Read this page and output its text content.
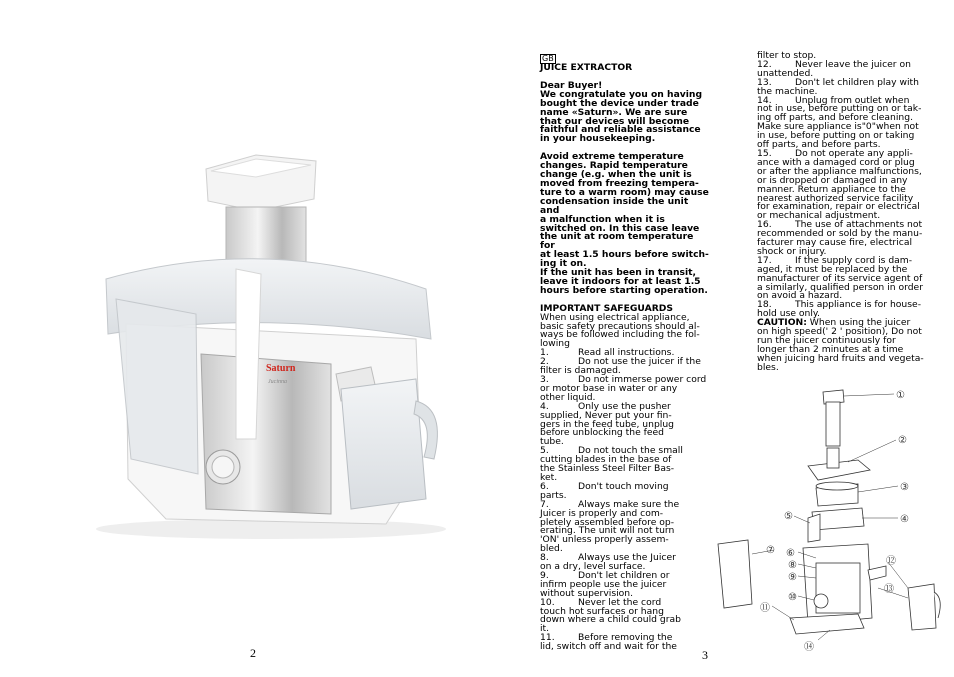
Saturn
Jucinna
2

GB

JUICE EXTRACTOR

Dear Buyer!
We congratulate you on having
bought the device under trade
name «Saturn». We are sure
that our devices will become
faithful and reliable assistance
in your housekeeping.

Avoid extreme temperature
changes. Rapid temperature
change (e.g. when the unit is
moved from freezing tempera-
ture to a warm room) may cause
condensation inside the unit and
a malfunction when it is
switched on. In this case leave
the unit at room temperature for
at least 1.5 hours before switch-
ing it on.
If the unit has been in transit,
leave it indoors for at least 1.5
hours before starting operation.

IMPORTANT SAFEGUARDS

When using electrical appliance,
basic safety precautions should al-
ways be followed including the fol-
lowing

1.	Read all instructions.

2.	Do not use the juicer if the
filter is damaged.

3.	Do not immerse power cord
or motor base in water or any
other liquid.

4.	Only use the pusher
supplied, Never put your fin-
gers in the feed tube, unplug
before unblocking the feed
tube.

5.	Do not touch the small
cutting blades in the base of
the Stainless Steel Filter Bas-
ket.

6.	Don't touch moving
parts.

7.	Always make sure the
Juicer is properly and com-
pletely assembled before op-
erating. The unit will not turn
'ON' unless properly assem-
bled.

8.	Always use the Juicer
on a dry, level surface.

9.	Don't let children or
infirm people use the juicer
without supervision.

10.	Never let the cord
touch hot surfaces or hang
down where a child could grab
it.

11.	Before removing the
lid, switch off and wait for the

3

filter to stop.

12.	Never leave the juicer on
unattended.

13.	Don't let children play with
the machine.

14.	Unplug from outlet when
not in use, before putting on or tak-
ing off parts, and before cleaning.
Make sure appliance is"0"when not
in use, before putting on or taking
off parts, and before parts.

15.	Do not operate any appli-
ance with a damaged cord or plug
or after the appliance malfunctions,
or is dropped or damaged in any
manner. Return appliance to the
nearest authorized service facility
for examination, repair or electrical
or mechanical adjustment.

16.	The use of attachments not
recommended or sold by the manu-
facturer may cause fire, electrical
shock or injury.

17.	If the supply cord is dam-
aged, it must be replaced by the
manufacturer of its service agent of
a similarly, qualified person in order
on avoid a hazard.

18.	This appliance is for house-
hold use only.

CAUTION: When using the juicer
on high speed(' 2 ' position), Do not
run the juicer continuously for
longer than 2 minutes at a time
when juicing hard fruits and vegeta-
bles.

①
②
③
④
⑤
⑥
⑦
⑧
⑨
⑩
⑪
⑫
⑬
⑭
